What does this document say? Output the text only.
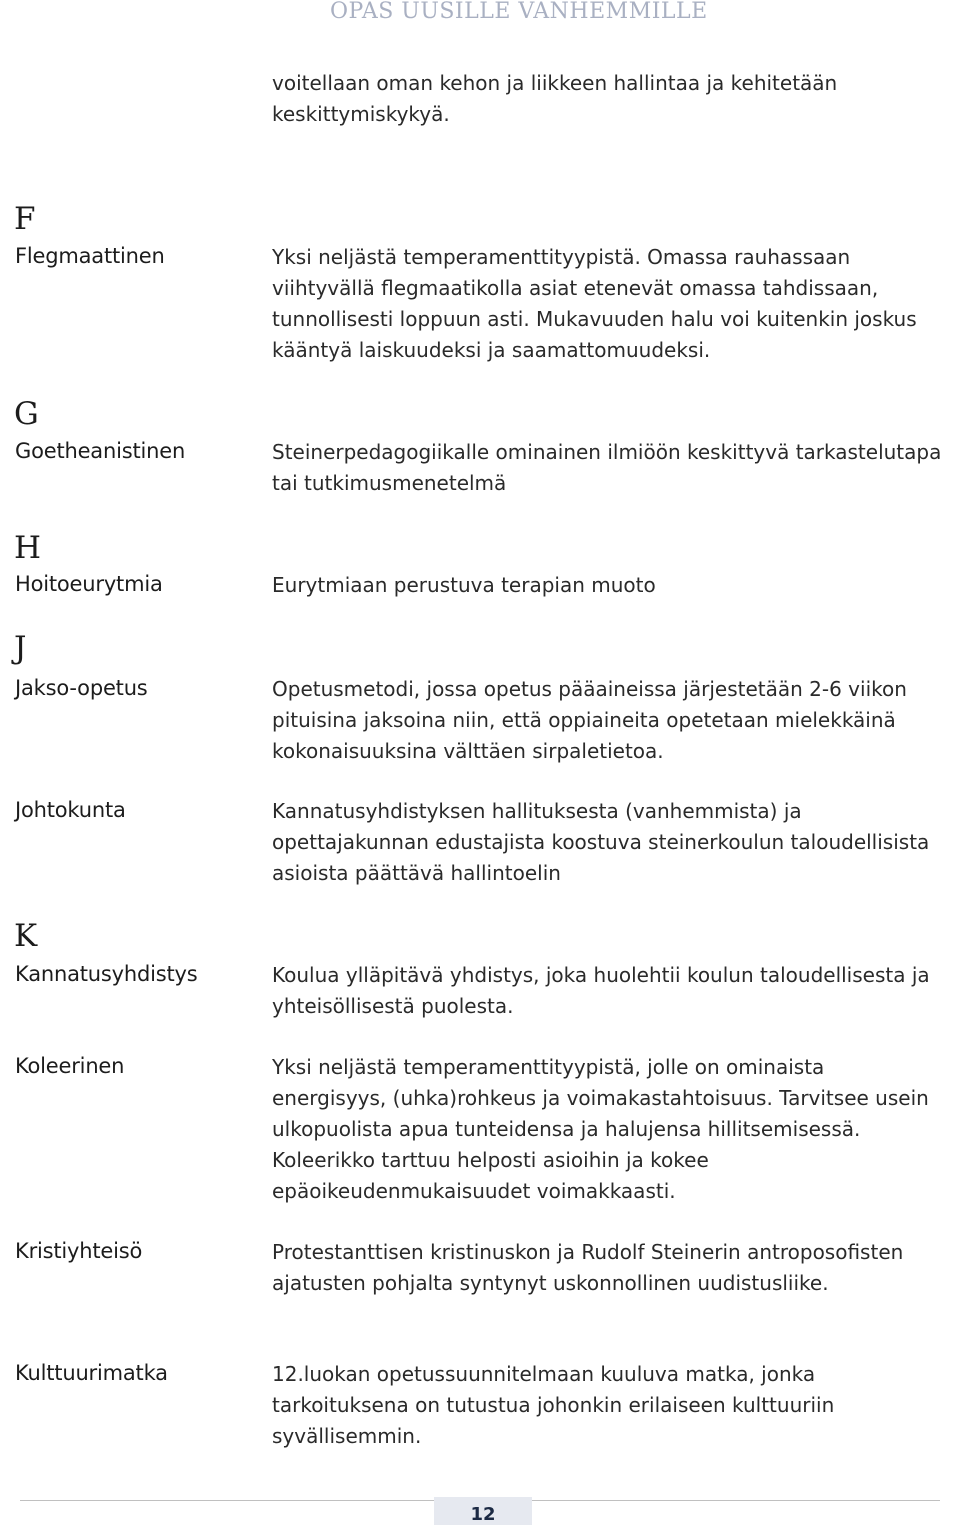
OPAS UUSILLE VANHEMMILLE
voitellaan oman kehon ja liikkeen hallintaa ja kehitetään keskittymiskykyä.
F
Flegmaattinen	Yksi neljästä temperamenttityypistä. Omassa rauhassaan viihtyvällä flegmaatikolla asiat etenevät omassa tahdissaan, tunnollisesti loppuun asti. Mukavuuden halu voi kuitenkin joskus kääntyä laiskuudeksi ja saamattomuudeksi.
G
Goetheanistinen	Steinerpedagogiikalle ominainen ilmiöön keskittyvä tarkastelutapa tai tutkimusmenetelmä
H
Hoitoeurytmia	Eurytmiaan perustuva terapian muoto
J
Jakso-opetus	Opetusmetodi, jossa opetus pääaineissa järjestetään 2-6 viikon pituisina jaksoina niin, että oppiaineita opetetaan mielekkäinä kokonaisuuksina välttäen sirpaletietoa.
Johtokunta	Kannatusyhdistyksen hallituksesta (vanhemmista) ja opettajakunnan edustajista koostuva steinerkoulun taloudellisista asioista päättävä hallintoelin
K
Kannatusyhdistys	Koulua ylläpitävä yhdistys, joka huolehtii koulun taloudellisesta ja yhteisöllisestä puolesta.
Koleerinen	Yksi neljästä temperamenttityypistä, jolle on ominaista energisyys, (uhka)rohkeus ja voimakastahtoisuus. Tarvitsee usein ulkopuolista apua tunteidensa ja halujensa hillitsemisessä. Koleerikko tarttuu helposti asioihin ja kokee epäoikeudenmukaisuudet voimakkaasti.
Kristiyhteisö	Protestanttisen kristinuskon ja Rudolf Steinerin antroposofisten ajatusten pohjalta syntynyt uskonnollinen uudistusliike.
Kulttuurimatka	12.luokan opetussuunnitelmaan kuuluva matka, jonka tarkoituksena on tutustua johonkin erilaiseen kulttuuriin syvällisemmin.
12
